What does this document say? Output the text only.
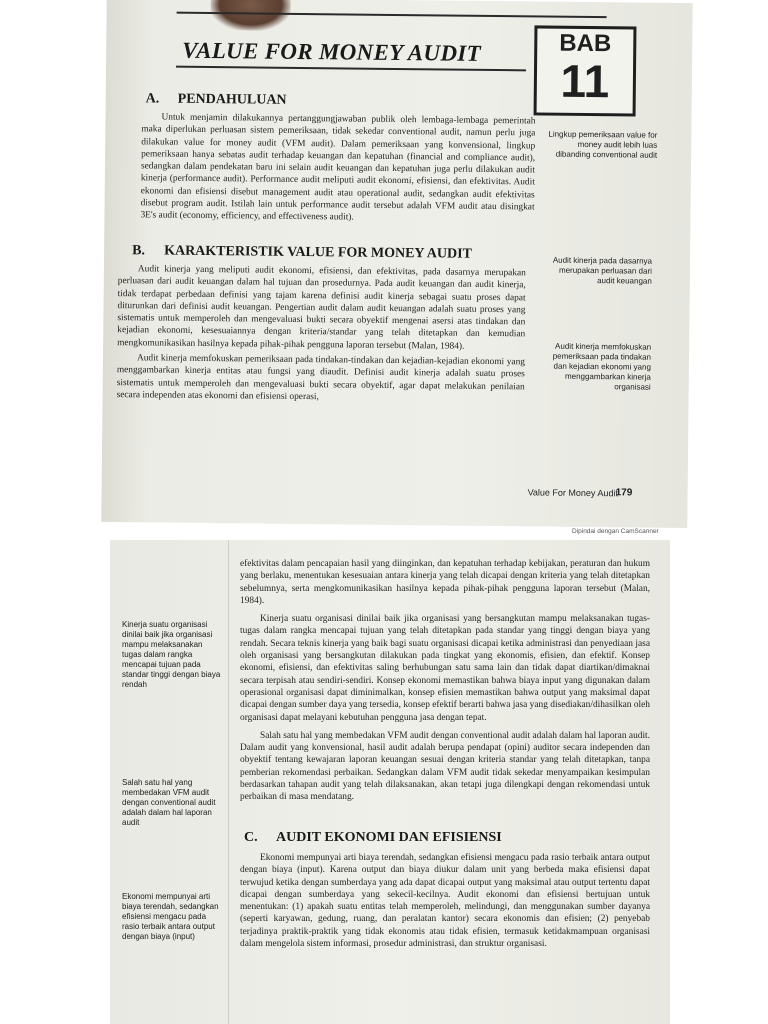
VALUE FOR MONEY AUDIT	BAB
11
A. PENDAHULUAN

Untuk menjamin dilakukannya pertanggungjawaban publik oleh lembaga-lembaga pemerintah maka diperlukan perluasan sistem pemeriksaan, tidak sekedar conventional audit, namun perlu juga dilakukan value for money audit (VFM audit). Dalam pemeriksaan yang konvensional, lingkup pemeriksaan hanya sebatas audit terhadap keuangan dan kepatuhan (financial and compliance audit), sedangkan dalam pendekatan baru ini selain audit keuangan dan kepatuhan juga perlu dilakukan audit kinerja (performance audit). Performance audit meliputi audit ekonomi, efisiensi, dan efektivitas. Audit ekonomi dan efisiensi disebut management audit atau operational audit, sedangkan audit efektivitas disebut program audit. Istilah lain untuk performance audit tersebut adalah VFM audit atau disingkat 3E's audit (economy, efficiency, and effectiveness audit).

B. KARAKTERISTIK VALUE FOR MONEY AUDIT

Audit kinerja yang meliputi audit ekonomi, efisiensi, dan efektivitas, pada dasarnya merupakan perluasan dari audit keuangan dalam hal tujuan dan prosedurnya. Pada audit keuangan dan audit kinerja, tidak terdapat perbedaan definisi yang tajam karena definisi audit kinerja sebagai suatu proses dapat diturunkan dari definisi audit keuangan. Pengertian audit dalam audit keuangan adalah suatu proses yang sistematis untuk memperoleh dan mengevaluasi bukti secara obyektif mengenai asersi atas tindakan dan kejadian ekonomi, kesesuaiannya dengan kriteria/standar yang telah ditetapkan dan kemudian mengkomunikasikan hasilnya kepada pihak-pihak pengguna laporan tersebut (Malan, 1984).

Audit kinerja memfokuskan pemeriksaan pada tindakan-tindakan dan kejadian-kejadian ekonomi yang menggambarkan kinerja entitas atau fungsi yang diaudit. Definisi audit kinerja adalah suatu proses sistematis untuk memperoleh dan mengevaluasi bukti secara obyektif, agar dapat melakukan penilaian secara independen atas ekonomi dan efisiensi operasi,

Lingkup pemeriksaan value for money audit lebih luas dibanding conventional audit
Audit kinerja pada dasarnya merupakan perluasan dari audit keuangan
Audit kinerja memfokuskan pemeriksaan pada tindakan dan kejadian ekonomi yang menggambarkan kinerja organisasi
Value For Money Audit
179
Dipindai dengan CamScanner

efektivitas dalam pencapaian hasil yang diinginkan, dan kepatuhan terhadap kebijakan, peraturan dan hukum yang berlaku, menentukan kesesuaian antara kinerja yang telah dicapai dengan kriteria yang telah ditetapkan sebelumnya, serta mengkomunikasikan hasilnya kepada pihak-pihak pengguna laporan tersebut (Malan, 1984).

Kinerja suatu organisasi dinilai baik jika organisasi yang bersangkutan mampu melaksanakan tugas-tugas dalam rangka mencapai tujuan yang telah ditetapkan pada standar yang tinggi dengan biaya yang rendah. Secara teknis kinerja yang baik bagi suatu organisasi dicapai ketika administrasi dan penyediaan jasa oleh organisasi yang bersangkutan dilakukan pada tingkat yang ekonomis, efisien, dan efektif. Konsep ekonomi, efisiensi, dan efektivitas saling berhubungan satu sama lain dan tidak dapat diartikan/dimaknai secara terpisah atau sendiri-sendiri. Konsep ekonomi memastikan bahwa biaya input yang digunakan dalam operasional organisasi dapat diminimalkan, konsep efisien memastikan bahwa output yang maksimal dapat dicapai dengan sumber daya yang tersedia, konsep efektif berarti bahwa jasa yang disediakan/dihasilkan oleh organisasi dapat melayani kebutuhan pengguna jasa dengan tepat.

Salah satu hal yang membedakan VFM audit dengan conventional audit adalah dalam hal laporan audit. Dalam audit yang konvensional, hasil audit adalah berupa pendapat (opini) auditor secara independen dan obyektif tentang kewajaran laporan keuangan sesuai dengan kriteria standar yang telah ditetapkan, tanpa pemberian rekomendasi perbaikan. Sedangkan dalam VFM audit tidak sekedar menyampaikan kesimpulan berdasarkan tahapan audit yang telah dilaksanakan, akan tetapi juga dilengkapi dengan rekomendasi untuk perbaikan di masa mendatang.

C. AUDIT EKONOMI DAN EFISIENSI

Ekonomi mempunyai arti biaya terendah, sedangkan efisiensi mengacu pada rasio terbaik antara output dengan biaya (input). Karena output dan biaya diukur dalam unit yang berbeda maka efisiensi dapat terwujud ketika dengan sumberdaya yang ada dapat dicapai output yang maksimal atau output tertentu dapat dicapai dengan sumberdaya yang sekecil-kecilnya. Audit ekonomi dan efisiensi bertujuan untuk menentukan: (1) apakah suatu entitas telah memperoleh, melindungi, dan menggunakan sumber dayanya (seperti karyawan, gedung, ruang, dan peralatan kantor) secara ekonomis dan efisien; (2) penyebab terjadinya praktik-praktik yang tidak ekonomis atau tidak efisien, termasuk ketidakmampuan organisasi dalam mengelola sistem informasi, prosedur administrasi, dan struktur organisasi.

Kinerja suatu organisasi dinilai baik jika organisasi mampu melaksanakan tugas dalam rangka mencapai tujuan pada standar tinggi dengan biaya rendah
Salah satu hal yang membedakan VFM audit dengan conventional audit adalah dalam hal laporan audit
Ekonomi mempunyai arti biaya terendah, sedangkan efisiensi mengacu pada rasio terbaik antara output dengan biaya (input)
